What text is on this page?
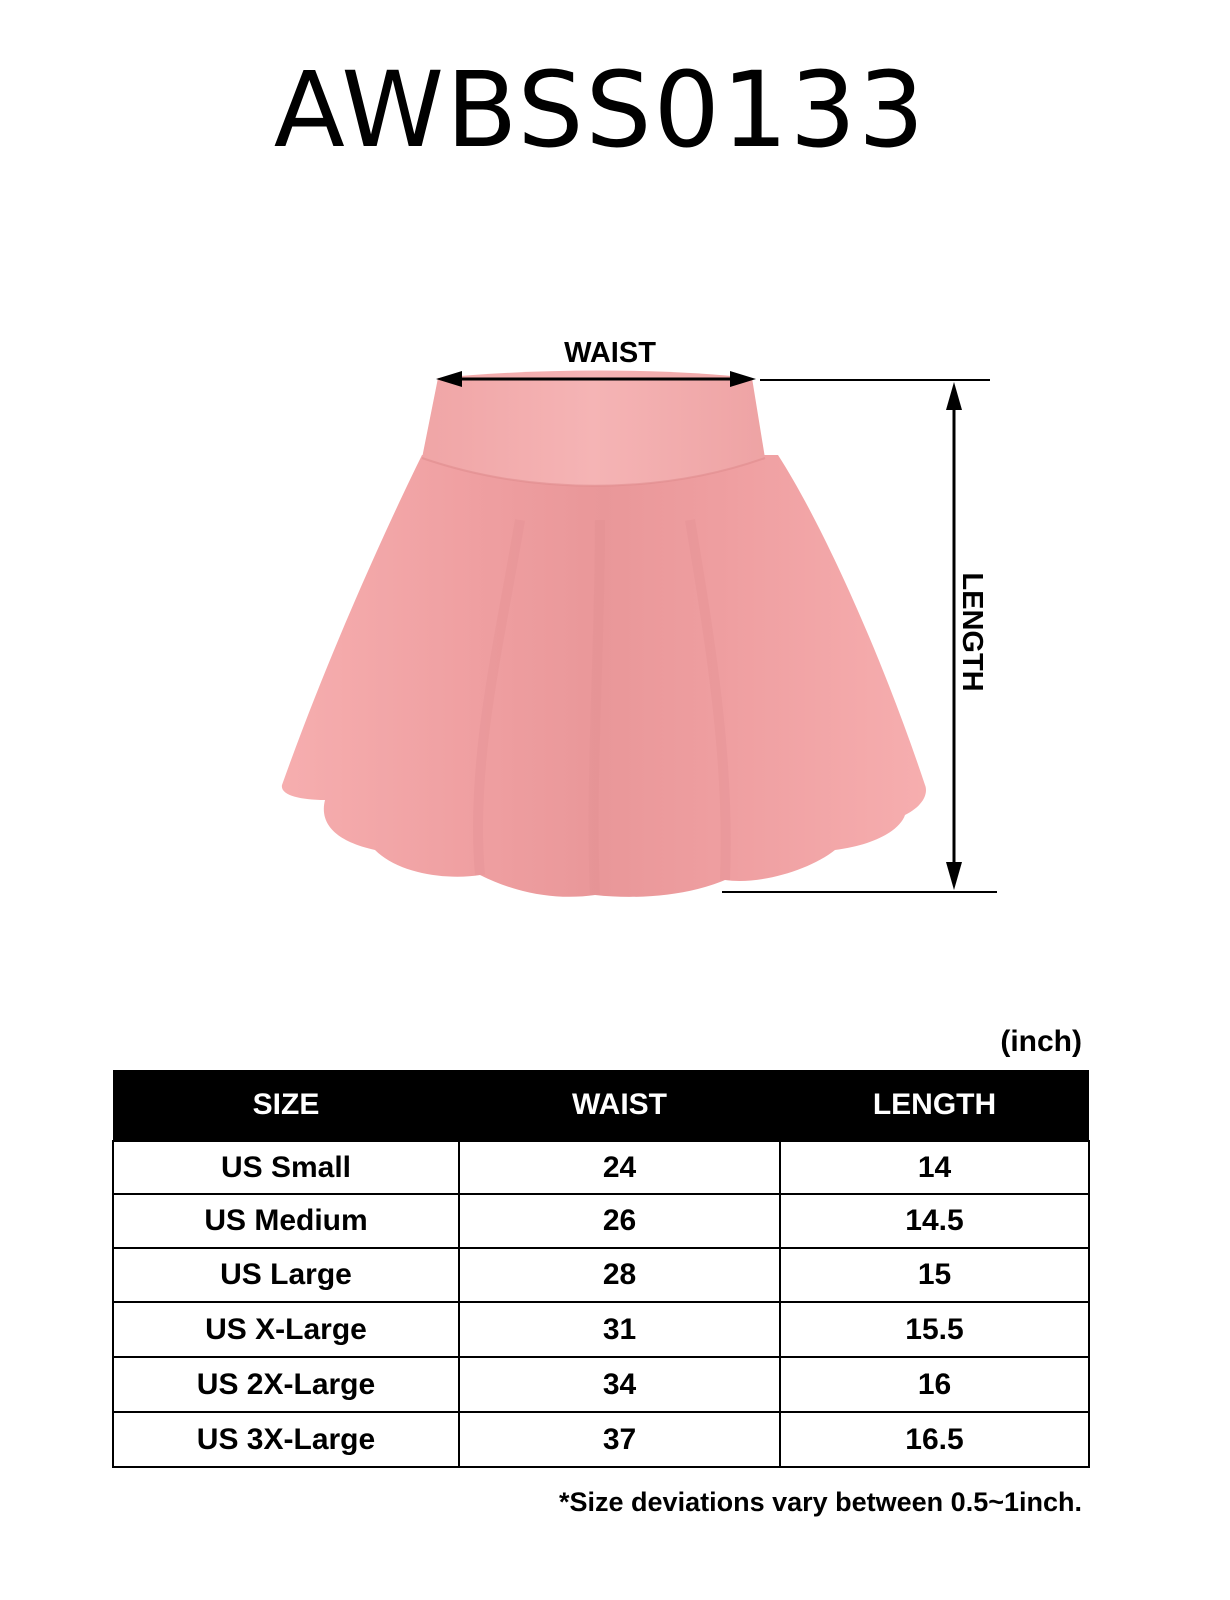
AWBSS0133
WAIST
LENGTH
(inch)
SIZE	WAIST	LENGTH
US Small	24	14
US Medium	26	14.5
US Large	28	15
US X-Large	31	15.5
US 2X-Large	34	16
US 3X-Large	37	16.5
*Size deviations vary between 0.5~1inch.
